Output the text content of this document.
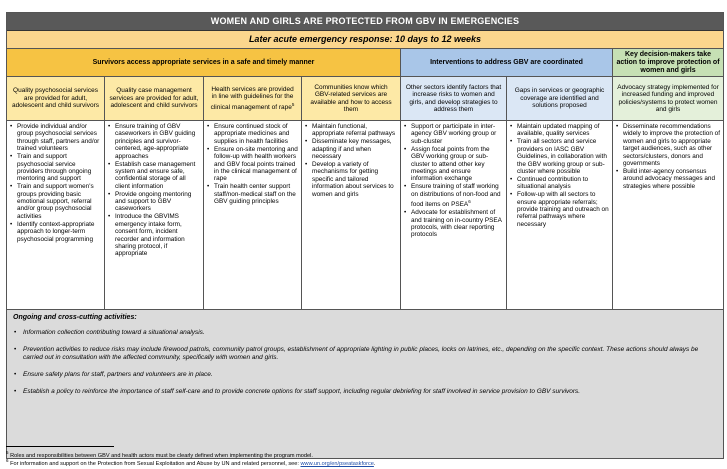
WOMEN AND GIRLS ARE PROTECTED FROM GBV IN EMERGENCIES
Later acute emergency response: 10 days to 12 weeks
Survivors access appropriate services in a safe and timely manner	Interventions to address GBV are coordinated
Key decision-makers take action to improve protection of women and girls
Quality psychosocial services are provided for adult, adolescent and child survivors
Quality case management services are provided for adult, adolescent and child survivors
Health services are provided in line with guidelines for the clinical management of rape$^5$
Communities know which GBV-related services are available and how to access them
Other sectors identify factors that increase risks to women and girls, and develop strategies to address them
Gaps in services or geographic coverage are identified and solutions proposed
Advocacy strategy implemented for increased funding and improved policies/systems to protect women and girls
• Provide individual and/or group psychosocial services through staff, partners and/or trained volunteers
• Train and support psychosocial service providers through ongoing mentoring and support
• Train and support women's groups providing basic emotional support, referral and/or group psychosocial activities
• Identify context-appropriate approach to longer-term psychosocial programming
• Ensure training of GBV caseworkers in GBV guiding principles and survivor-centered, age-appropriate approaches
• Establish case management system and ensure safe, confidential storage of all client information
• Provide ongoing mentoring and support to GBV caseworkers
• Introduce the GBVIMS emergency intake form, consent form, incident recorder and information sharing protocol, if appropriate
• Ensure continued stock of appropriate medicines and supplies in health facilities
• Ensure on-site mentoring and follow-up with health workers and GBV focal points trained in the clinical management of rape
• Train health center support staff/non-medical staff on the GBV guiding principles
• Maintain functional, appropriate referral pathways
• Disseminate key messages, adapting if and when necessary
• Develop a variety of mechanisms for getting specific and tailored information about services to women and girls
• Support or participate in inter-agency GBV working group or sub-cluster
• Assign focal points from the GBV working group or sub-cluster to attend other key meetings and ensure information exchange
• Ensure training of staff working on distributions of non-food and food items on PSEA$^6$
• Advocate for establishment of and training on in-country PSEA protocols, with clear reporting protocols
• Maintain updated mapping of available, quality services
• Train all sectors and service providers on IASC GBV Guidelines, in collaboration with the GBV working group or sub-cluster where possible
• Continued contribution to situational analysis
• Follow-up with all sectors to ensure appropriate referrals; provide training and outreach on referral pathways where necessary
• Disseminate recommendations widely to improve the protection of women and girls to appropriate target audiences, such as other sectors/clusters, donors and governments
• Build inter-agency consensus around advocacy messages and strategies where possible
Ongoing and cross-cutting activities:
• Information collection contributing toward a situational analysis.
• Prevention activities to reduce risks may include firewood patrols, community patrol groups, establishment of appropriate lighting in public places, locks on latrines, etc., depending on the specific context. These actions should always be carried out in consultation with the affected community, specifically with women and girls.
• Ensure safety plans for staff, partners and volunteers are in place.
• Establish a policy to reinforce the importance of staff self-care and to provide concrete options for staff support, including regular debriefing for staff involved in service provision to GBV survivors.
$^5$ Roles and responsibilities between GBV and health actors must be clearly defined when implementing the program model.
$^6$ For information and support on the Protection from Sexual Exploitation and Abuse by UN and related personnel, see: www.un.org/en/pseataskforce.
